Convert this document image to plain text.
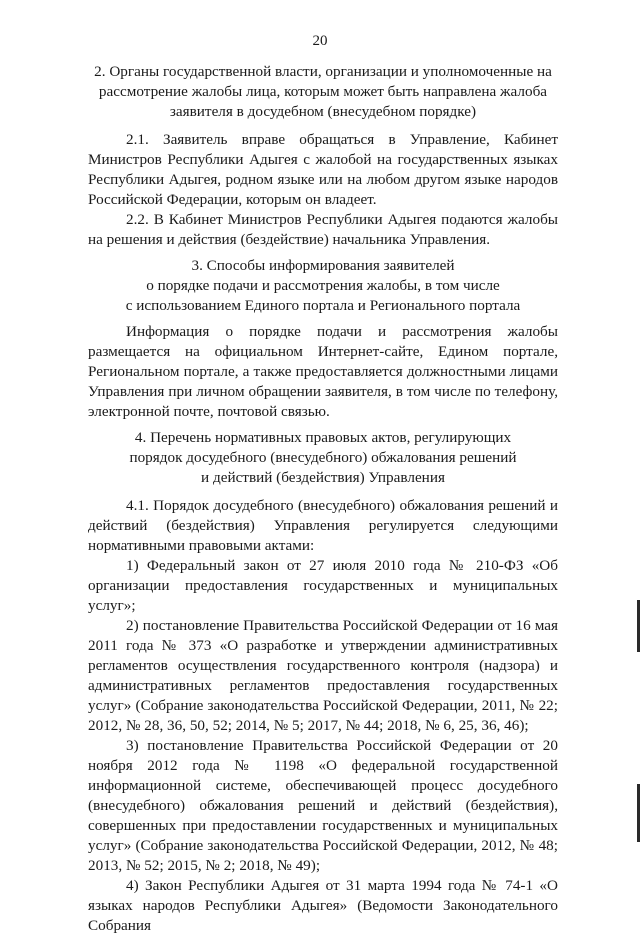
20
2. Органы государственной власти, организации и уполномоченные на
рассмотрение жалобы лица, которым может быть направлена жалоба
заявителя в досудебном (внесудебном порядке)

2.1. Заявитель вправе обращаться в Управление, Кабинет Министров Республики Адыгея с жалобой на государственных языках Республики Адыгея, родном языке или на любом другом языке народов Российской Федерации, которым он владеет.

2.2. В Кабинет Министров Республики Адыгея подаются жалобы на решения и действия (бездействие) начальника Управления.

3. Способы информирования заявителей
о порядке подачи и рассмотрения жалобы, в том числе
с использованием Единого портала и Регионального портала

Информация о порядке подачи и рассмотрения жалобы размещается на официальном Интернет-сайте, Едином портале, Региональном портале, а также предоставляется должностными лицами Управления при личном обращении заявителя, в том числе по телефону, электронной почте, почтовой связью.

4. Перечень нормативных правовых актов, регулирующих
порядок досудебного (внесудебного) обжалования решений
и действий (бездействия) Управления

4.1. Порядок досудебного (внесудебного) обжалования решений и действий (бездействия) Управления регулируется следующими нормативными правовыми актами:

1) Федеральный закон от 27 июля 2010 года № 210-ФЗ «Об организации предоставления государственных и муниципальных услуг»;

2) постановление Правительства Российской Федерации от 16 мая 2011 года № 373 «О разработке и утверждении административных регламентов осуществления государственного контроля (надзора) и административных регламентов предоставления государственных услуг» (Собрание законодательства Российской Федерации, 2011, № 22; 2012, № 28, 36, 50, 52; 2014, № 5; 2017, № 44; 2018, № 6, 25, 36, 46);

3) постановление Правительства Российской Федерации от 20 ноября 2012 года № 1198 «О федеральной государственной информационной системе, обеспечивающей процесс досудебного (внесудебного) обжалования решений и действий (бездействия), совершенных при предоставлении государственных и муниципальных услуг» (Собрание законодательства Российской Федерации, 2012, № 48; 2013, № 52; 2015, № 2; 2018, № 49);

4) Закон Республики Адыгея от 31 марта 1994 года № 74-1 «О языках народов Республики Адыгея» (Ведомости Законодательного Собрания
